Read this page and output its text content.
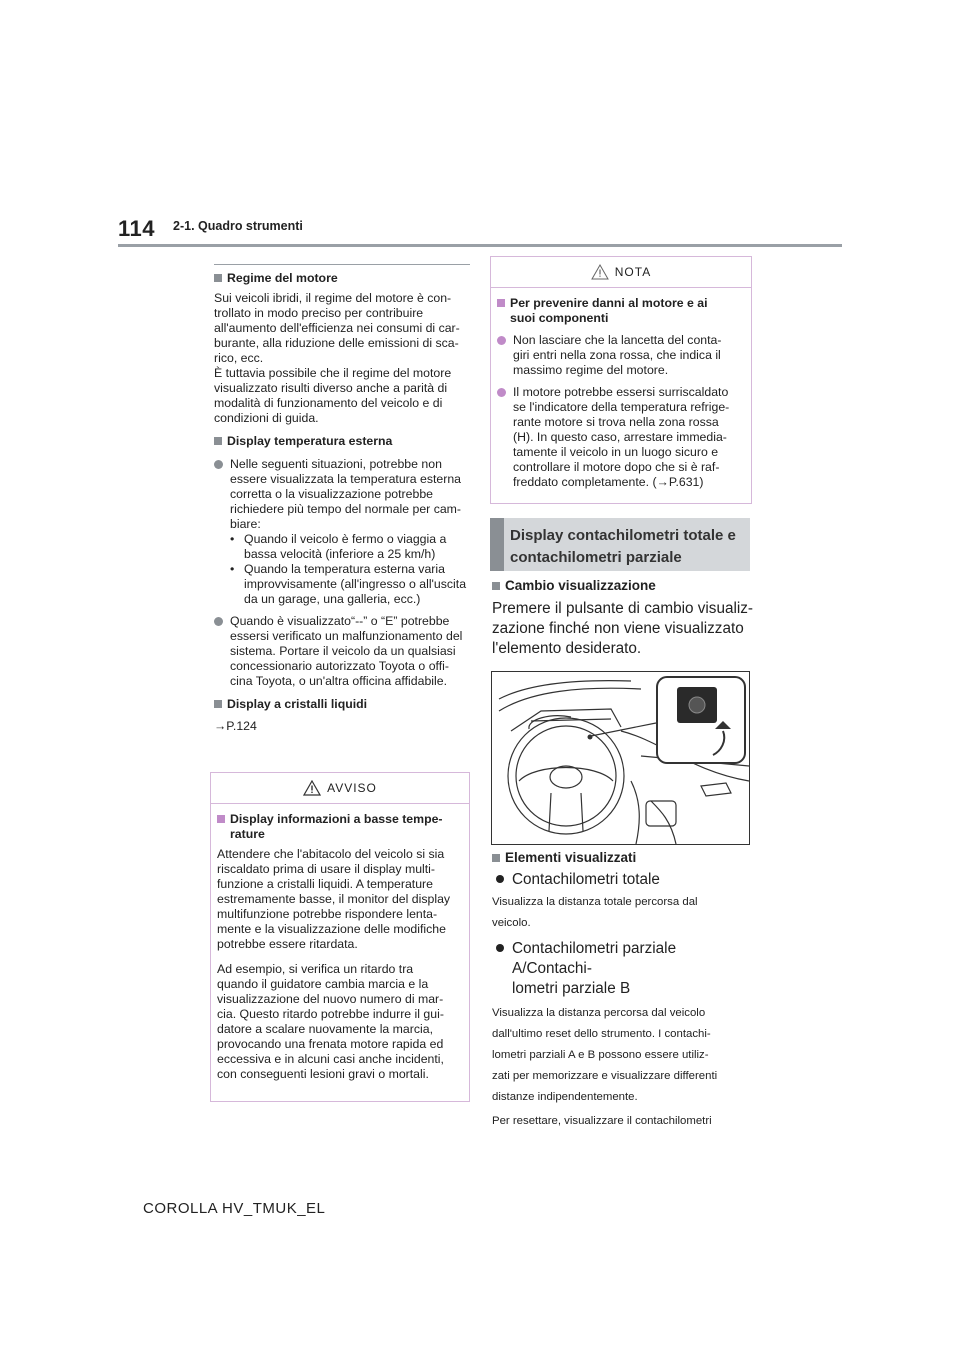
114 2-1. Quadro strumenti
Regime del motore

Sui veicoli ibridi, il regime del motore è con-
trollato in modo preciso per contribuire
all'aumento dell'efficienza nei consumi di car-
burante, alla riduzione delle emissioni di sca-
rico, ecc.
È tuttavia possibile che il regime del motore
visualizzato risulti diverso anche a parità di
modalità di funzionamento del veicolo e di
condizioni di guida.

Display temperatura esterna

Nelle seguenti situazioni, potrebbe non
essere visualizzata la temperatura esterna
corretta o la visualizzazione potrebbe
richiedere più tempo del normale per cam-
biare:

• Quando il veicolo è fermo o viaggia a
bassa velocità (inferiore a 25 km/h)
• Quando la temperatura esterna varia
improvvisamente (all'ingresso o all'uscita
da un garage, una galleria, ecc.)

Quando è visualizzato“--” o “E” potrebbe
essersi verificato un malfunzionamento del
sistema. Portare il veicolo da un qualsiasi
concessionario autorizzato Toyota o offi-
cina Toyota, o un'altra officina affidabile.

Display a cristalli liquidi

→P.124

AVVISO
Display informazioni a basse tempe-
rature

Attendere che l'abitacolo del veicolo si sia
riscaldato prima di usare il display multi-
funzione a cristalli liquidi. A temperature
estremamente basse, il monitor del display
multifunzione potrebbe rispondere lenta-
mente e la visualizzazione delle modifiche
potrebbe essere ritardata.

Ad esempio, si verifica un ritardo tra
quando il guidatore cambia marcia e la
visualizzazione del nuovo numero di mar-
cia. Questo ritardo potrebbe indurre il gui-
datore a scalare nuovamente la marcia,
provocando una frenata motore rapida ed
eccessiva e in alcuni casi anche incidenti,
con conseguenti lesioni gravi o mortali.

NOTA
Per prevenire danni al motore e ai
suoi componenti

Non lasciare che la lancetta del conta-
giri entri nella zona rossa, che indica il
massimo regime del motore.

Il motore potrebbe essersi surriscaldato
se l'indicatore della temperatura refrige-
rante motore si trova nella zona rossa
(H). In questo caso, arrestare immedia-
tamente il veicolo in un luogo sicuro e
controllare il motore dopo che si è raf-
freddato completamente. (→P.631)

Display contachilometri totale e
contachilometri parziale
Cambio visualizzazione

Premere il pulsante di cambio visualiz-
zazione finché non viene visualizzato
l'elemento desiderato.

Elementi visualizzati
Contachilometri totale

Visualizza la distanza totale percorsa dal
veicolo.

Contachilometri parziale A/Contachi-
lometri parziale B

Visualizza la distanza percorsa dal veicolo
dall'ultimo reset dello strumento. I contachi-
lometri parziali A e B possono essere utiliz-
zati per memorizzare e visualizzare differenti
distanze indipendentemente.

Per resettare, visualizzare il contachilometri

COROLLA HV_TMUK_EL
